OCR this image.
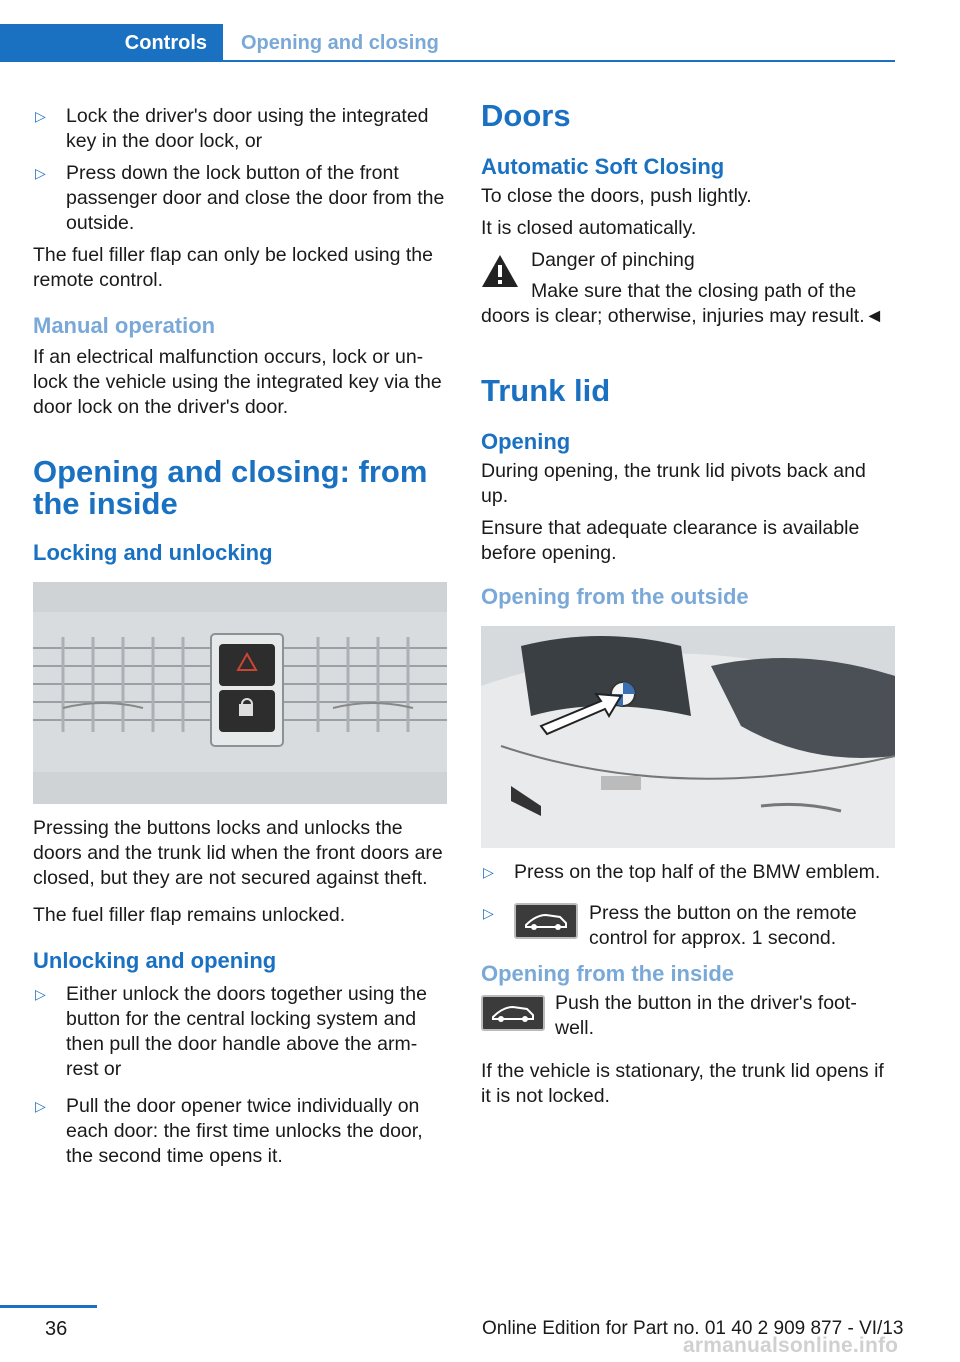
Controls	Opening and closing
▷ Lock the driver's door using the integrated key in the door lock, or
▷ Press down the lock button of the front passenger door and close the door from the outside.

The fuel filler flap can only be locked using the remote control.

Manual operation

If an electrical malfunction occurs, lock or un‐lock the vehicle using the integrated key via the door lock on the driver's door.

Opening and closing: from the inside
Locking and unlocking

Pressing the buttons locks and unlocks the doors and the trunk lid when the front doors are closed, but they are not secured against theft.

The fuel filler flap remains unlocked.

Unlocking and opening
▷ Either unlock the doors together using the button for the central locking system and then pull the door handle above the arm‐rest or
▷ Pull the door opener twice individually on each door: the first time unlocks the door, the second time opens it.
Doors
Automatic Soft Closing

To close the doors, push lightly.

It is closed automatically.

Danger of pinching

Make sure that the closing path of the doors is clear; otherwise, injuries may result.◄

Trunk lid
Opening

During opening, the trunk lid pivots back and up.

Ensure that adequate clearance is available before opening.

Opening from the outside
▷ Press on the top half of the BMW emblem.
▷	Press the button on the remote control for approx. 1 second.
Opening from the inside

Push the button in the driver's foot‐well.

If the vehicle is stationary, the trunk lid opens if it is not locked.

36	Online Edition for Part no. 01 40 2 909 877 - VI/13
armanualsonline.info
